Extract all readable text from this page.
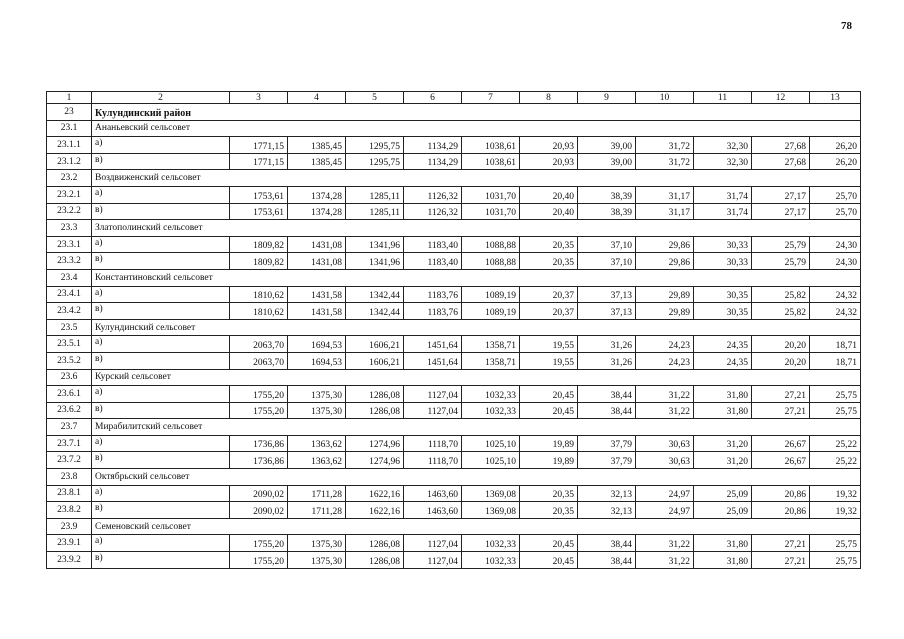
78
1	2	3	4	5	6	7	8	9	10	11	12	13
23	Кулундинский район											
23.1	Ананьевский сельсовет											
23.1.1	а)	1771,15	1385,45	1295,75	1134,29	1038,61	20,93	39,00	31,72	32,30	27,68	26,20
23.1.2	в)	1771,15	1385,45	1295,75	1134,29	1038,61	20,93	39,00	31,72	32,30	27,68	26,20
23.2	Воздвиженский сельсовет											
23.2.1	а)	1753,61	1374,28	1285,11	1126,32	1031,70	20,40	38,39	31,17	31,74	27,17	25,70
23.2.2	в)	1753,61	1374,28	1285,11	1126,32	1031,70	20,40	38,39	31,17	31,74	27,17	25,70
23.3	Златополинский сельсовет											
23.3.1	а)	1809,82	1431,08	1341,96	1183,40	1088,88	20,35	37,10	29,86	30,33	25,79	24,30
23.3.2	в)	1809,82	1431,08	1341,96	1183,40	1088,88	20,35	37,10	29,86	30,33	25,79	24,30
23.4	Константиновский сельсовет											
23.4.1	а)	1810,62	1431,58	1342,44	1183,76	1089,19	20,37	37,13	29,89	30,35	25,82	24,32
23.4.2	в)	1810,62	1431,58	1342,44	1183,76	1089,19	20,37	37,13	29,89	30,35	25,82	24,32
23.5	Кулундинский сельсовет											
23.5.1	а)	2063,70	1694,53	1606,21	1451,64	1358,71	19,55	31,26	24,23	24,35	20,20	18,71
23.5.2	в)	2063,70	1694,53	1606,21	1451,64	1358,71	19,55	31,26	24,23	24,35	20,20	18,71
23.6	Курский сельсовет											
23.6.1	а)	1755,20	1375,30	1286,08	1127,04	1032,33	20,45	38,44	31,22	31,80	27,21	25,75
23.6.2	в)	1755,20	1375,30	1286,08	1127,04	1032,33	20,45	38,44	31,22	31,80	27,21	25,75
23.7	Мирабилитский сельсовет											
23.7.1	а)	1736,86	1363,62	1274,96	1118,70	1025,10	19,89	37,79	30,63	31,20	26,67	25,22
23.7.2	в)	1736,86	1363,62	1274,96	1118,70	1025,10	19,89	37,79	30,63	31,20	26,67	25,22
23.8	Октябрьский сельсовет											
23.8.1	а)	2090,02	1711,28	1622,16	1463,60	1369,08	20,35	32,13	24,97	25,09	20,86	19,32
23.8.2	в)	2090,02	1711,28	1622,16	1463,60	1369,08	20,35	32,13	24,97	25,09	20,86	19,32
23.9	Семеновский сельсовет											
23.9.1	а)	1755,20	1375,30	1286,08	1127,04	1032,33	20,45	38,44	31,22	31,80	27,21	25,75
23.9.2	в)	1755,20	1375,30	1286,08	1127,04	1032,33	20,45	38,44	31,22	31,80	27,21	25,75
